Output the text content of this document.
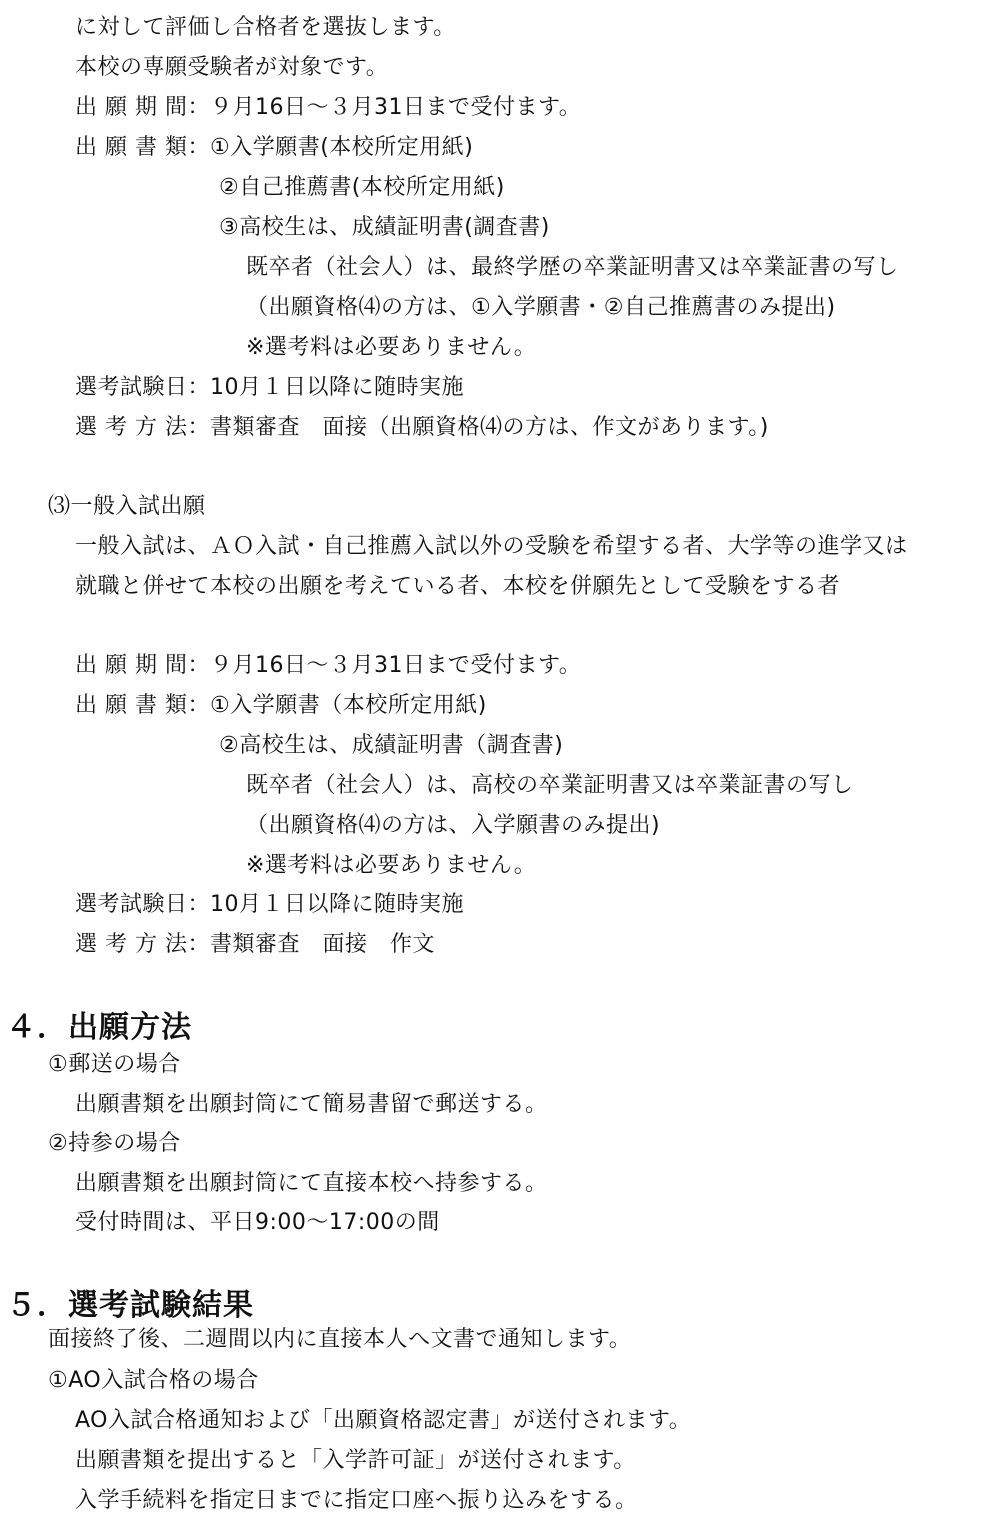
に対して評価し合格者を選抜します。

本校の専願受験者が対象です。

出 願 期 間：９月16日～３月31日まで受付ます。

出 願 書 類：①入学願書(本校所定用紙)

②自己推薦書(本校所定用紙)

③高校生は、成績証明書(調査書)

既卒者（社会人）は、最終学歴の卒業証明書又は卒業証書の写し

（出願資格⑷の方は、①入学願書・②自己推薦書のみ提出)

※選考料は必要ありません。

選考試験日：10月１日以降に随時実施

選 考 方 法：書類審査　面接（出願資格⑷の方は、作文があります。)

⑶一般入試出願

一般入試は、ＡＯ入試・自己推薦入試以外の受験を希望する者、大学等の進学又は

就職と併せて本校の出願を考えている者、本校を併願先として受験をする者

出 願 期 間：９月16日～３月31日まで受付ます。

出 願 書 類：①入学願書（本校所定用紙)

②高校生は、成績証明書（調査書)

既卒者（社会人）は、高校の卒業証明書又は卒業証書の写し

（出願資格⑷の方は、入学願書のみ提出)

※選考料は必要ありません。

選考試験日：10月１日以降に随時実施

選 考 方 法：書類審査　面接　作文

４．出願方法

①郵送の場合

出願書類を出願封筒にて簡易書留で郵送する。

②持参の場合

出願書類を出願封筒にて直接本校へ持参する。

受付時間は、平日9:00～17:00の間

５．選考試験結果

面接終了後、二週間以内に直接本人へ文書で通知します。

①AO入試合格の場合

AO入試合格通知および「出願資格認定書」が送付されます。

出願書類を提出すると「入学許可証」が送付されます。

入学手続料を指定日までに指定口座へ振り込みをする。
